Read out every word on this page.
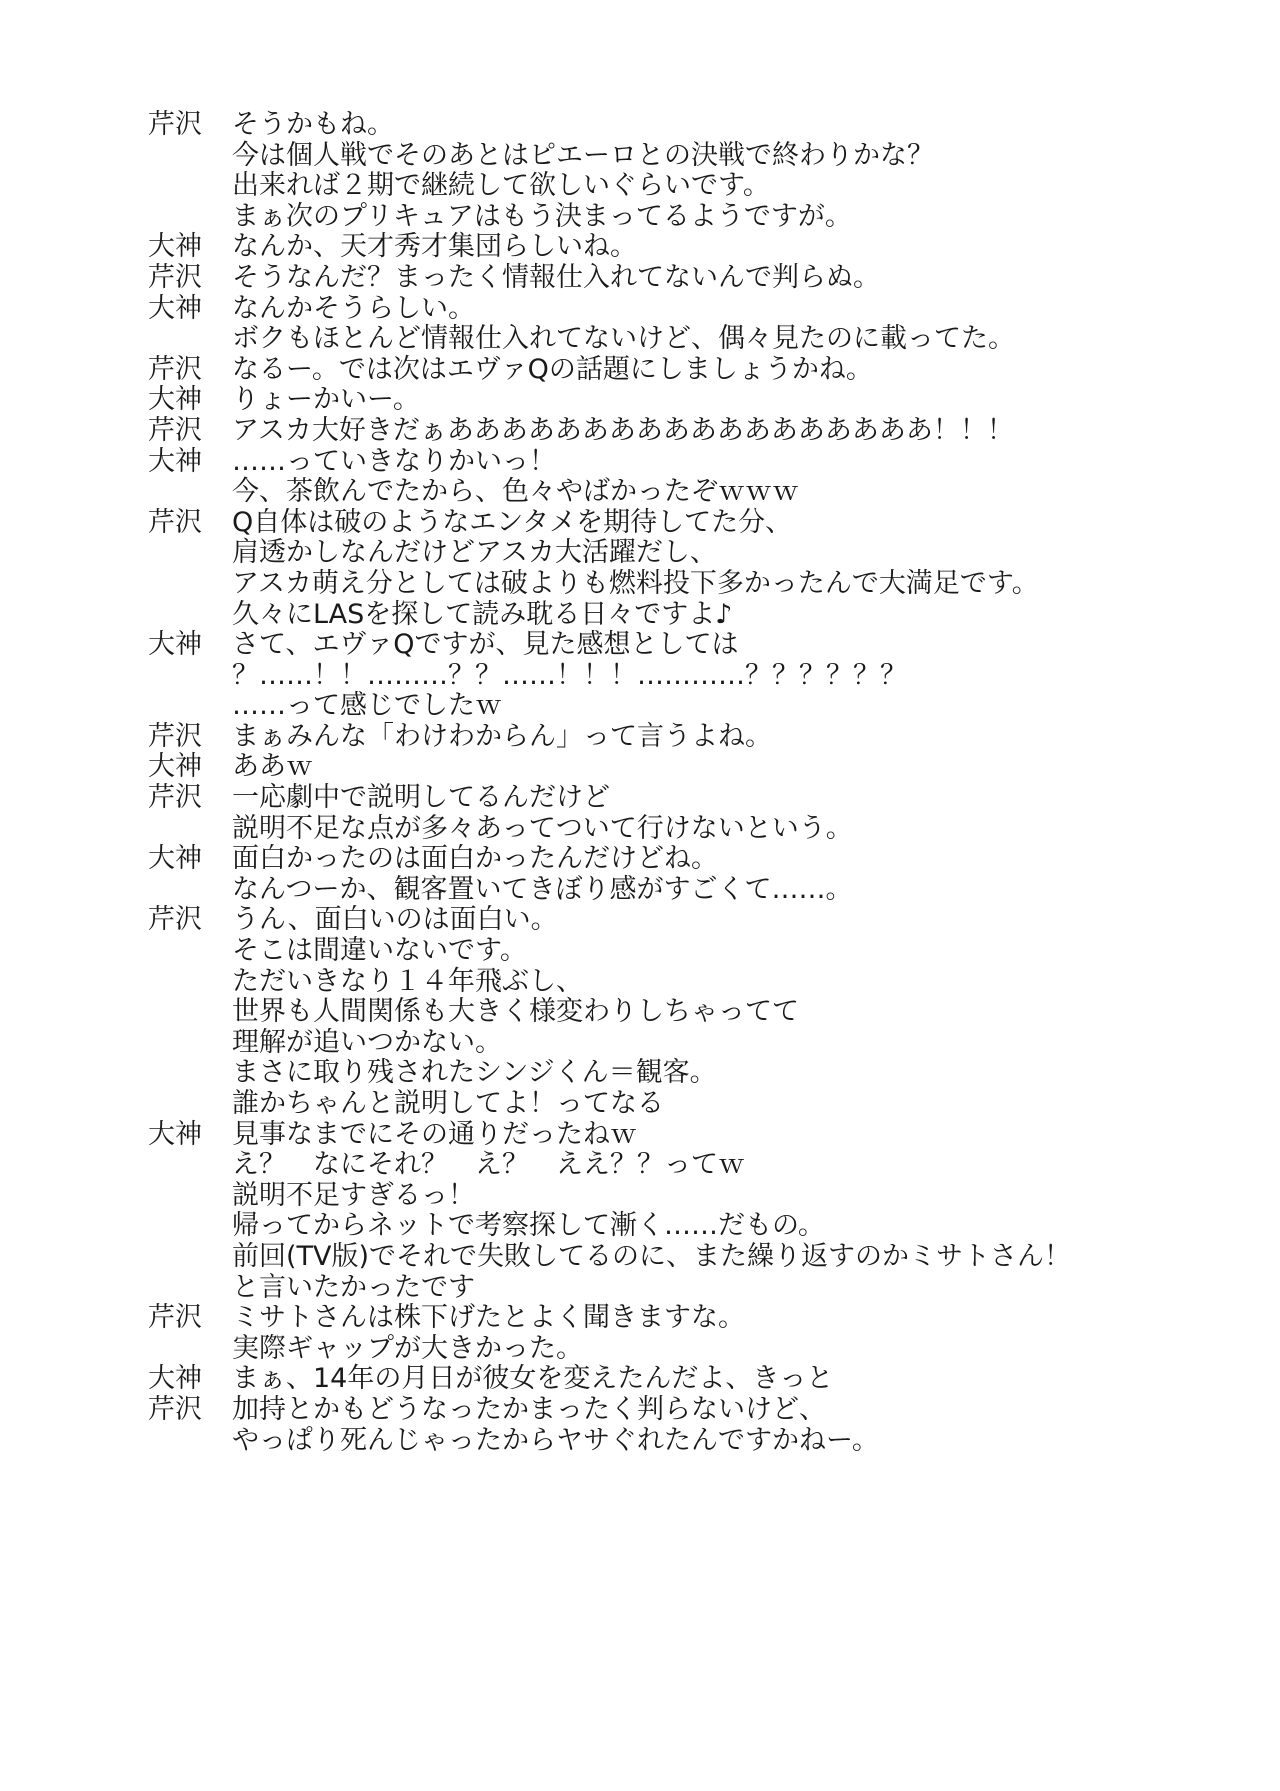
芹沢	そうかもね。
今は個人戦でそのあとはピエーロとの決戦で終わりかな？
出来れば２期で継続して欲しいぐらいです。
まぁ次のプリキュアはもう決まってるようですが。
大神	なんか、天才秀才集団らしいね。
芹沢	そうなんだ？まったく情報仕入れてないんで判らぬ。
大神	なんかそうらしい。
ボクもほとんど情報仕入れてないけど、偶々見たのに載ってた。
芹沢	なるー。では次はエヴァQの話題にしましょうかね。
大神	りょーかいー。
芹沢	アスカ大好きだぁああああああああああああああああああ！！！
大神	……っていきなりかいっ！
今、茶飲んでたから、色々やばかったぞｗｗｗ
芹沢	Q自体は破のようなエンタメを期待してた分、
肩透かしなんだけどアスカ大活躍だし、
アスカ萌え分としては破よりも燃料投下多かったんで大満足です。
久々にLASを探して読み耽る日々ですよ♪
大神	さて、エヴァQですが、見た感想としては
？……！！………？？……！！！…………？？？？？？
……って感じでしたｗ
芹沢	まぁみんな「わけわからん」って言うよね。
大神	ああｗ
芹沢	一応劇中で説明してるんだけど
説明不足な点が多々あってついて行けないという。
大神	面白かったのは面白かったんだけどね。
なんつーか、観客置いてきぼり感がすごくて……。
芹沢	うん、面白いのは面白い。
そこは間違いないです。
ただいきなり１４年飛ぶし、
世界も人間関係も大きく様変わりしちゃってて
理解が追いつかない。
まさに取り残されたシンジくん＝観客。
誰かちゃんと説明してよ！ってなる
大神	見事なまでにその通りだったねｗ
え？　なにそれ？　え？　ええ？？ってｗ
説明不足すぎるっ！
帰ってからネットで考察探して漸く……だもの。
前回(TV版)でそれで失敗してるのに、また繰り返すのかミサトさん！
と言いたかったです
芹沢	ミサトさんは株下げたとよく聞きますな。
実際ギャップが大きかった。
大神	まぁ、14年の月日が彼女を変えたんだよ、きっと
芹沢	加持とかもどうなったかまったく判らないけど、
やっぱり死んじゃったからヤサぐれたんですかねー。
